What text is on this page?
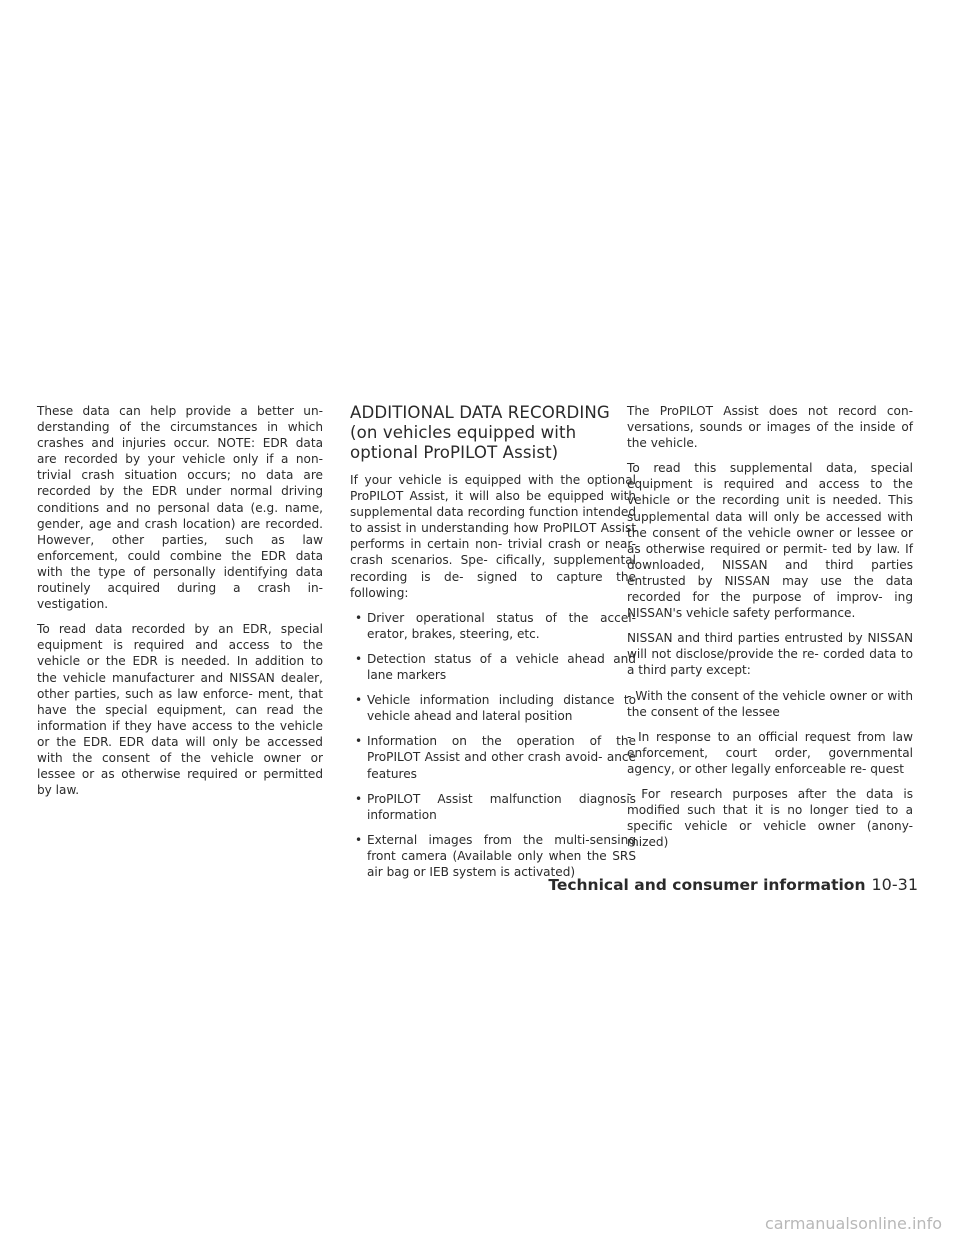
These data can help provide a better un- derstanding of the circumstances in which crashes and injuries occur. NOTE: EDR data are recorded by your vehicle only if a non- trivial crash situation occurs; no data are recorded by the EDR under normal driving conditions and no personal data (e.g. name, gender, age and crash location) are recorded. However, other parties, such as law enforcement, could combine the EDR data with the type of personally identifying data routinely acquired during a crash in- vestigation.

To read data recorded by an EDR, special equipment is required and access to the vehicle or the EDR is needed. In addition to the vehicle manufacturer and NISSAN dealer, other parties, such as law enforce- ment, that have the special equipment, can read the information if they have access to the vehicle or the EDR. EDR data will only be accessed with the consent of the vehicle owner or lessee or as otherwise required or permitted by law.

ADDITIONAL DATA RECORDING (on vehicles equipped with optional ProPILOT Assist)

If your vehicle is equipped with the optional ProPILOT Assist, it will also be equipped with supplemental data recording function intended to assist in understanding how ProPILOT Assist performs in certain non- trivial crash or near-crash scenarios. Spe- cifically, supplemental recording is de- signed to capture the following:

• Driver operational status of the accel- erator, brakes, steering, etc.
• Detection status of a vehicle ahead and lane markers
• Vehicle information including distance to vehicle ahead and lateral position
• Information on the operation of the ProPILOT Assist and other crash avoid- ance features
• ProPILOT Assist malfunction diagnosis information
• External images from the multi-sensing front camera (Available only when the SRS air bag or IEB system is activated)

The ProPILOT Assist does not record con- versations, sounds or images of the inside of the vehicle.

To read this supplemental data, special equipment is required and access to the vehicle or the recording unit is needed. This supplemental data will only be accessed with the consent of the vehicle owner or lessee or as otherwise required or permit- ted by law. If downloaded, NISSAN and third parties entrusted by NISSAN may use the data recorded for the purpose of improv- ing NISSAN's vehicle safety performance.

NISSAN and third parties entrusted by NISSAN will not disclose/provide the re- corded data to a third party except:

- With the consent of the vehicle owner or with the consent of the lessee

- In response to an official request from law enforcement, court order, governmental agency, or other legally enforceable re- quest

- For research purposes after the data is modified such that it is no longer tied to a specific vehicle or vehicle owner (anony- mized)

Technical and consumer information 10-31
carmanualsonline.info
